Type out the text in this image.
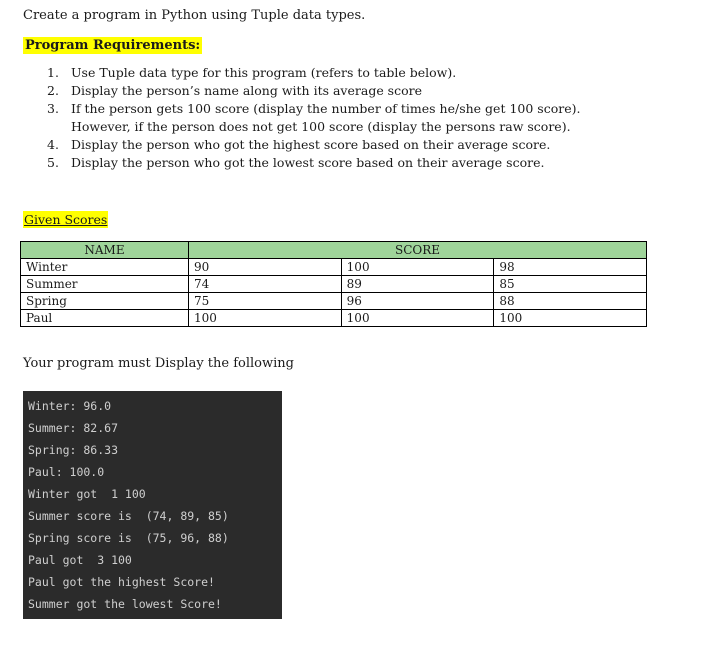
Create a program in Python using Tuple data types.
Program Requirements:
1. Use Tuple data type for this program (refers to table below).
2. Display the person’s name along with its average score
3. If the person gets 100 score (display the number of times he/she get 100 score).
However, if the person does not get 100 score (display the persons raw score).
4. Display the person who got the highest score based on their average score.
5. Display the person who got the lowest score based on their average score.
Given Scores
NAME	SCORE		
Winter	90	100	98
Summer	74	89	85
Spring	75	96	88
Paul	100	100	100
Your program must Display the following
Winter: 96.0
Summer: 82.67
Spring: 86.33
Paul: 100.0
Winter got  1 100
Summer score is  (74, 89, 85)
Spring score is  (75, 96, 88)
Paul got  3 100
Paul got the highest Score!
Summer got the lowest Score!
